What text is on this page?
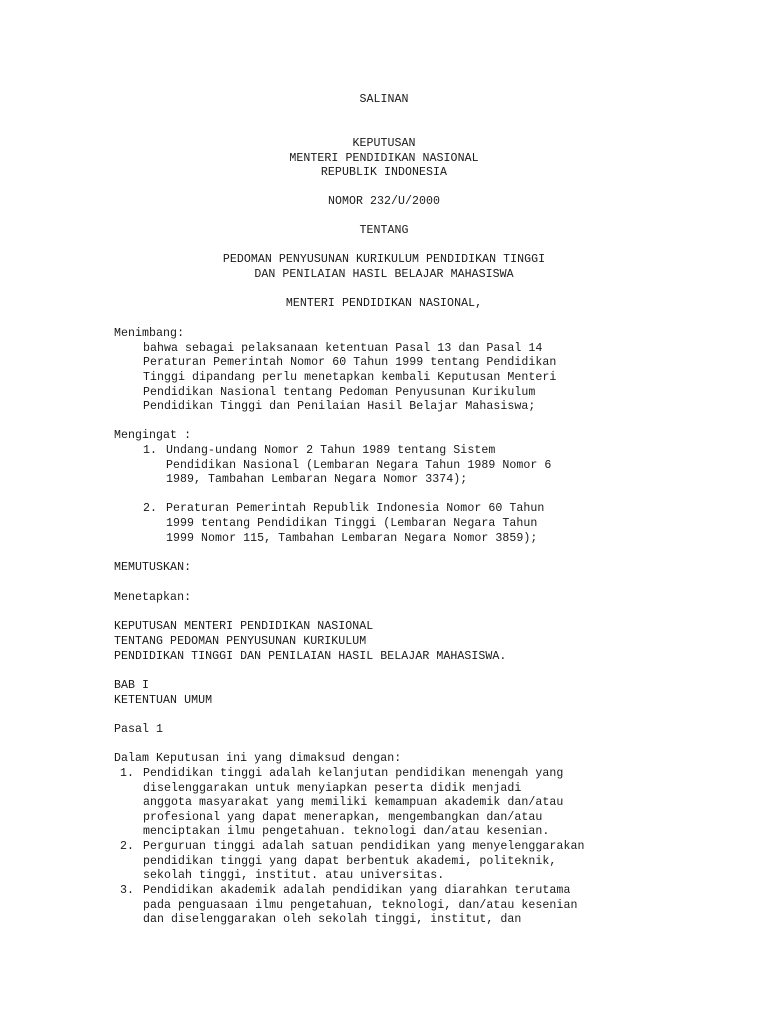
SALINAN
KEPUTUSAN
MENTERI PENDIDIKAN NASIONAL
REPUBLIK INDONESIA
NOMOR 232/U/2000
TENTANG
PEDOMAN PENYUSUNAN KURIKULUM PENDIDIKAN TINGGI
DAN PENILAIAN HASIL BELAJAR MAHASISWA
MENTERI PENDIDIKAN NASIONAL,
Menimbang:
bahwa sebagai pelaksanaan ketentuan Pasal 13 dan Pasal 14
Peraturan Pemerintah Nomor 60 Tahun 1999 tentang Pendidikan
Tinggi dipandang perlu menetapkan kembali Keputusan Menteri
Pendidikan Nasional tentang Pedoman Penyusunan Kurikulum
Pendidikan Tinggi dan Penilaian Hasil Belajar Mahasiswa;
Mengingat :
1. Undang-undang Nomor 2 Tahun 1989 tentang Sistem
Pendidikan Nasional (Lembaran Negara Tahun 1989 Nomor 6
1989, Tambahan Lembaran Negara Nomor 3374);
2. Peraturan Pemerintah Republik Indonesia Nomor 60 Tahun
1999 tentang Pendidikan Tinggi (Lembaran Negara Tahun
1999 Nomor 115, Tambahan Lembaran Negara Nomor 3859);
MEMUTUSKAN:
Menetapkan:
KEPUTUSAN MENTERI PENDIDIKAN NASIONAL
TENTANG PEDOMAN PENYUSUNAN KURIKULUM
PENDIDIKAN TINGGI DAN PENILAIAN HASIL BELAJAR MAHASISWA.
BAB I
KETENTUAN UMUM
Pasal 1
Dalam Keputusan ini yang dimaksud dengan:
1. Pendidikan tinggi adalah kelanjutan pendidikan menengah yang
diselenggarakan untuk menyiapkan peserta didik menjadi
anggota masyarakat yang memiliki kemampuan akademik dan/atau
profesional yang dapat menerapkan, mengembangkan dan/atau
menciptakan ilmu pengetahuan. teknologi dan/atau kesenian.
2. Perguruan tinggi adalah satuan pendidikan yang menyelenggarakan
pendidikan tinggi yang dapat berbentuk akademi, politeknik,
sekolah tinggi, institut. atau universitas.
3. Pendidikan akademik adalah pendidikan yang diarahkan terutama
pada penguasaan ilmu pengetahuan, teknologi, dan/atau kesenian
dan diselenggarakan oleh sekolah tinggi, institut, dan
